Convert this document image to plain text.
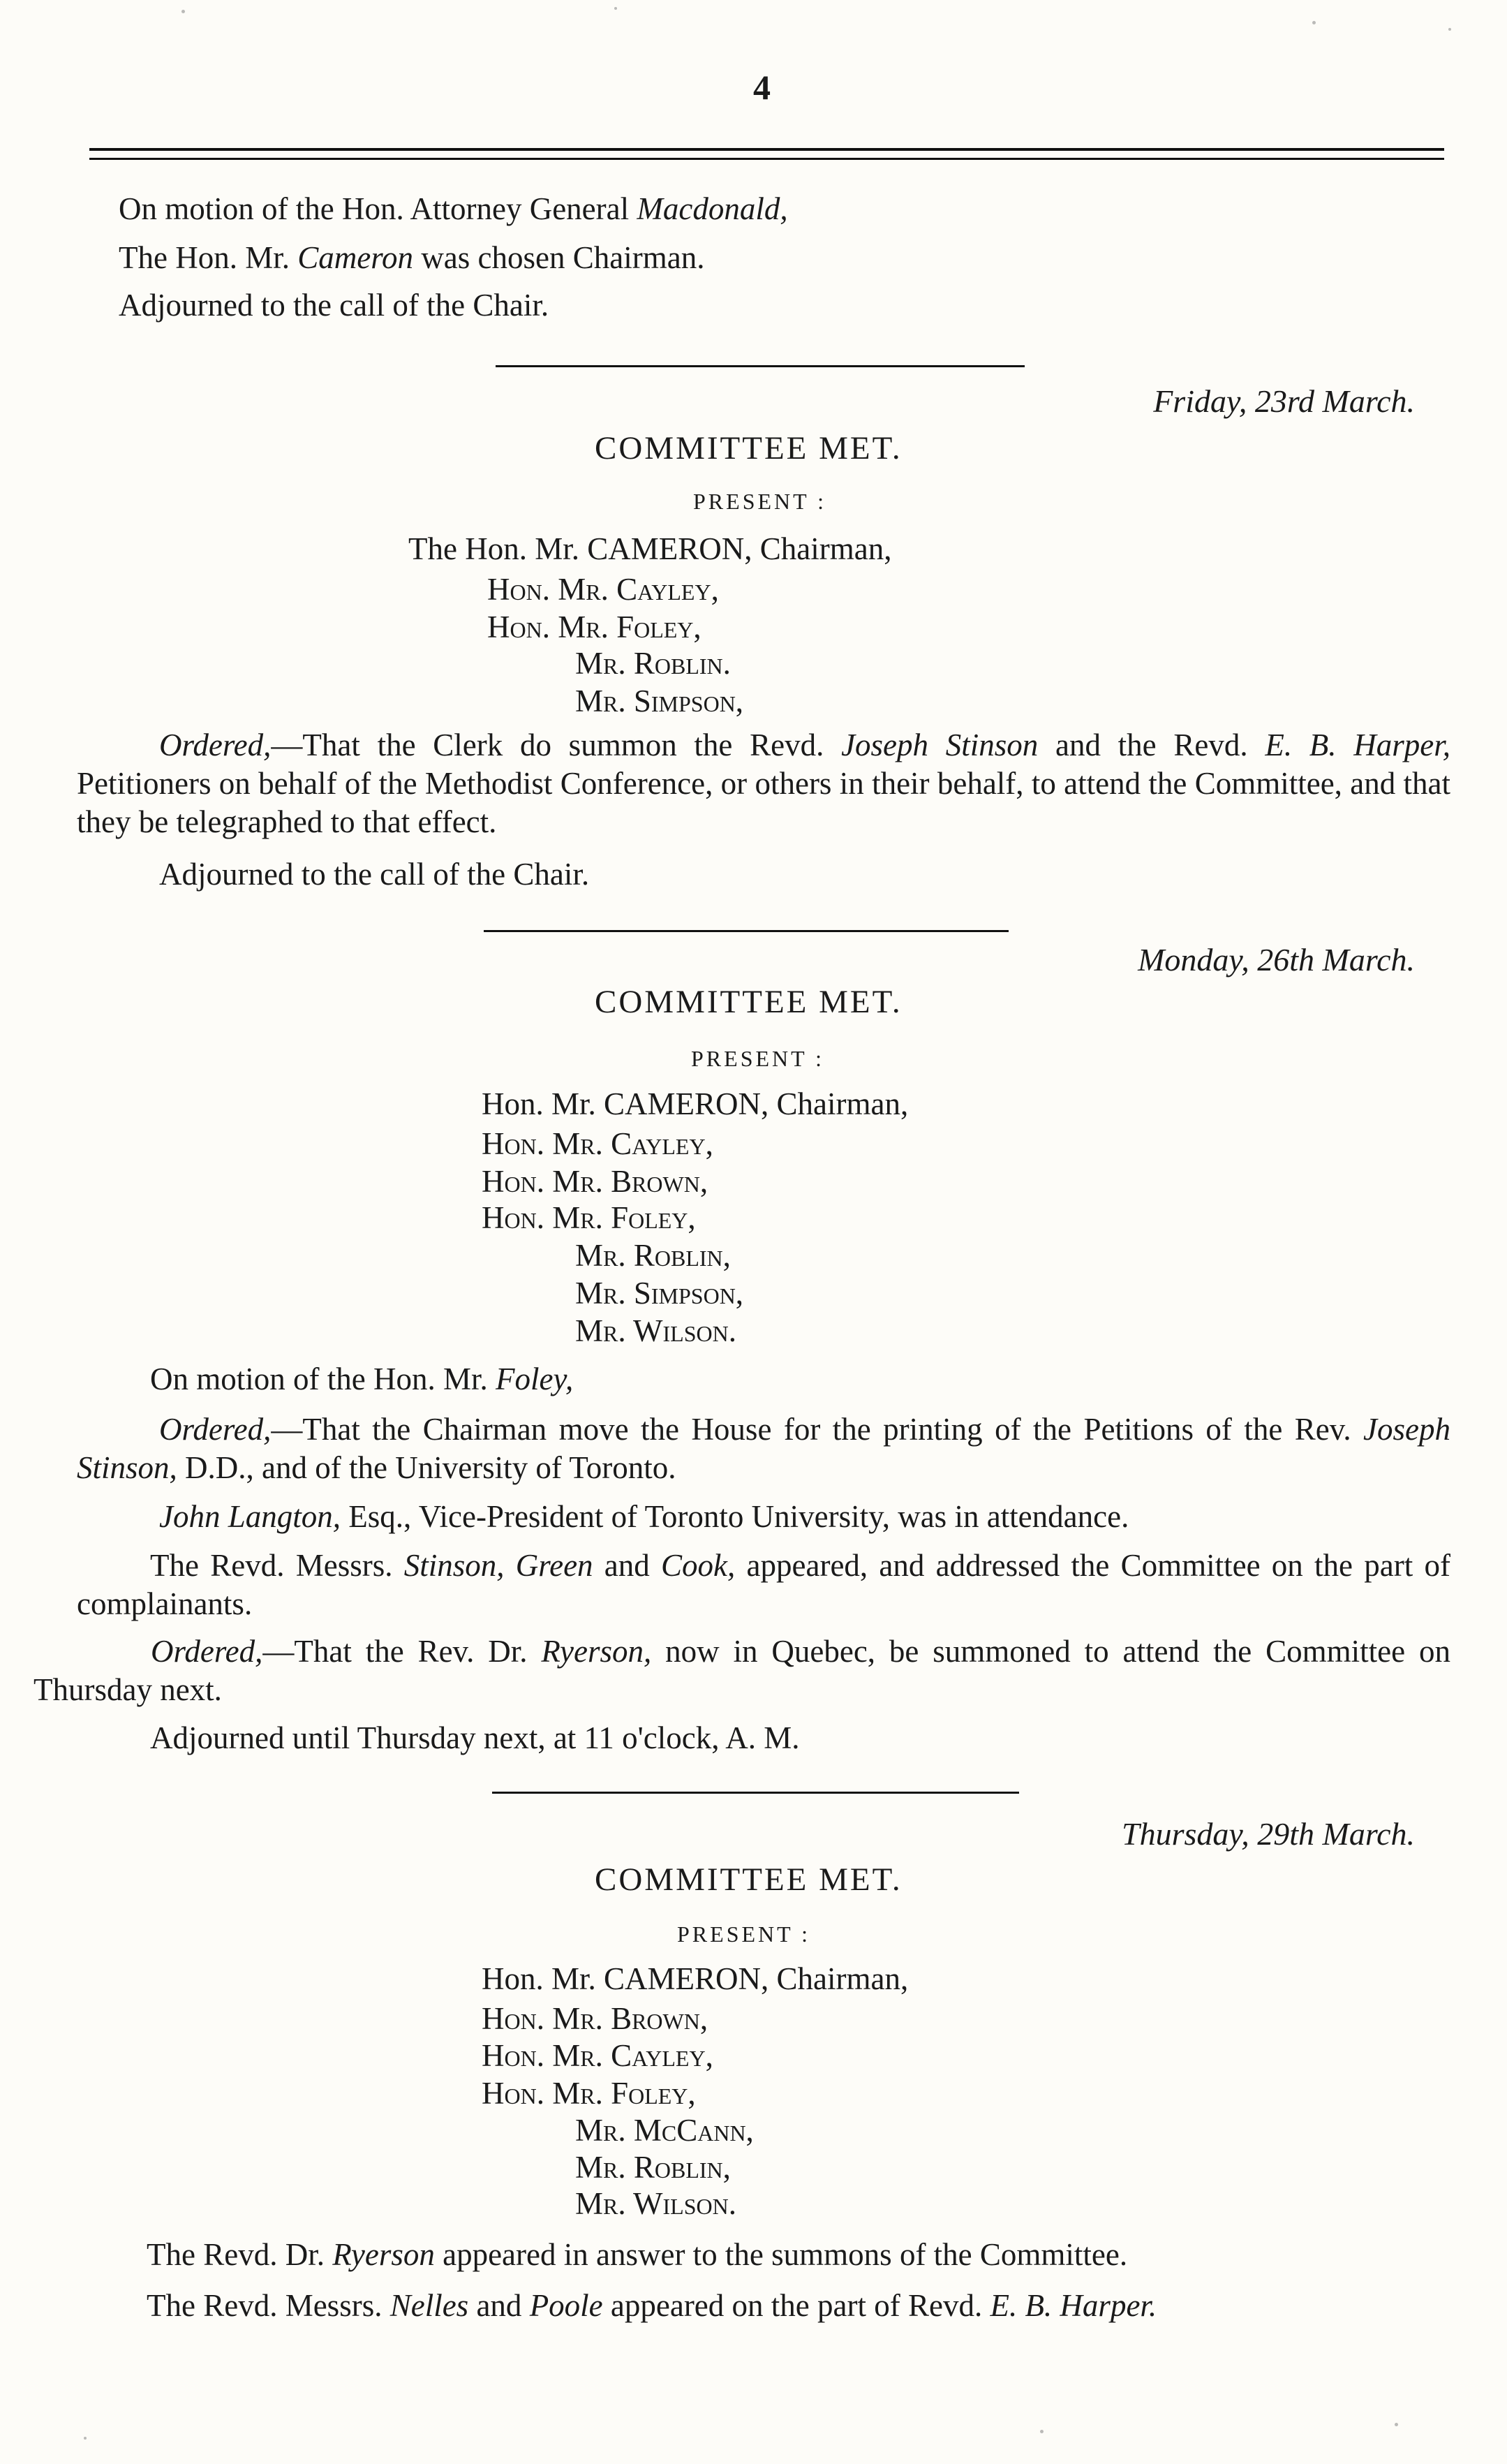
4
On motion of the Hon. Attorney General Macdonald,
The Hon. Mr. Cameron was chosen Chairman.
Adjourned to the call of the Chair.
Friday, 23rd March.
COMMITTEE MET.
PRESENT :
The Hon. Mr. CAMERON, Chairman,
Hon. Mr. Cayley,
Hon. Mr. Foley,
Mr. Roblin.
Mr. Simpson,
Ordered,—That the Clerk do summon the Revd. Joseph Stinson and the Revd. E. B. Harper, Petitioners on behalf of the Methodist Conference, or others in their behalf, to attend the Committee, and that they be telegraphed to that effect.
Adjourned to the call of the Chair.
Monday, 26th March.
COMMITTEE MET.
PRESENT :
Hon. Mr. CAMERON, Chairman,
Hon. Mr. Cayley,
Hon. Mr. Brown,
Hon. Mr. Foley,
Mr. Roblin,
Mr. Simpson,
Mr. Wilson.
On motion of the Hon. Mr. Foley,
Ordered,—That the Chairman move the House for the printing of the Petitions of the Rev. Joseph Stinson, D.D., and of the University of Toronto.
John Langton, Esq., Vice-President of Toronto University, was in attendance.
The Revd. Messrs. Stinson, Green and Cook, appeared, and addressed the Committee on the part of complainants.
Ordered,—That the Rev. Dr. Ryerson, now in Quebec, be summoned to attend the Committee on Thursday next.
Adjourned until Thursday next, at 11 o'clock, A. M.
Thursday, 29th March.
COMMITTEE MET.
PRESENT :
Hon. Mr. CAMERON, Chairman,
Hon. Mr. Brown,
Hon. Mr. Cayley,
Hon. Mr. Foley,
Mr. McCann,
Mr. Roblin,
Mr. Wilson.
The Revd. Dr. Ryerson appeared in answer to the summons of the Committee.
The Revd. Messrs. Nelles and Poole appeared on the part of Revd. E. B. Harper.
